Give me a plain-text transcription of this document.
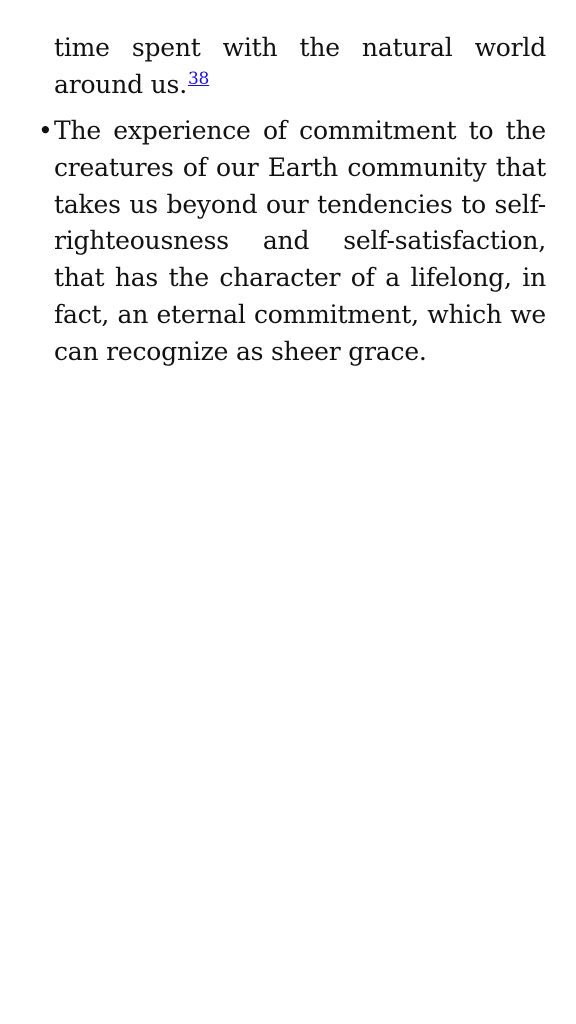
time spent with the natural world around us.$^{38}$

• The experience of commitment to the creatures of our Earth community that takes us beyond our tendencies to self-righteousness and self-satisfaction, that has the character of a lifelong, in fact, an eternal commitment, which we can recognize as sheer grace.
